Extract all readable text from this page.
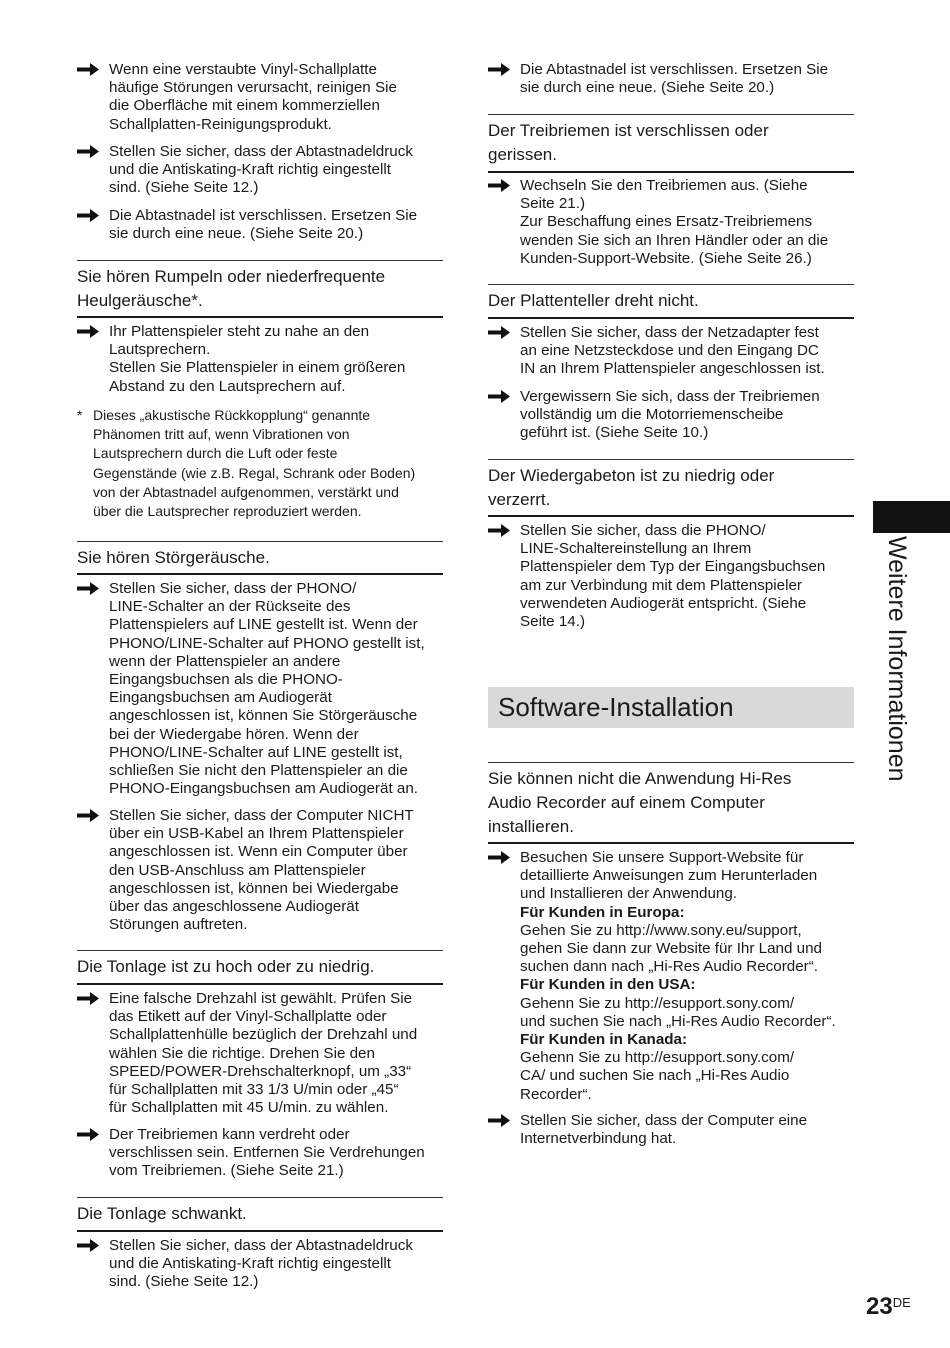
Wenn eine verstaubte Vinyl-Schallplatte
häufige Störungen verursacht, reinigen Sie
die Oberfläche mit einem kommerziellen
Schallplatten-Reinigungsprodukt.
Stellen Sie sicher, dass der Abtastnadeldruck
und die Antiskating-Kraft richtig eingestellt
sind. (Siehe Seite 12.)
Die Abtastnadel ist verschlissen. Ersetzen Sie
sie durch eine neue. (Siehe Seite 20.)
Sie hören Rumpeln oder niederfrequente
Heulgeräusche*.
Ihr Plattenspieler steht zu nahe an den
Lautsprechern.
Stellen Sie Plattenspieler in einem größeren
Abstand zu den Lautsprechern auf.
* Dieses „akustische Rückkopplung“ genannte
Phänomen tritt auf, wenn Vibrationen von
Lautsprechern durch die Luft oder feste
Gegenstände (wie z.B. Regal, Schrank oder Boden)
von der Abtastnadel aufgenommen, verstärkt und
über die Lautsprecher reproduziert werden.
Sie hören Störgeräusche.
Stellen Sie sicher, dass der PHONO/
LINE-Schalter an der Rückseite des
Plattenspielers auf LINE gestellt ist. Wenn der
PHONO/LINE-Schalter auf PHONO gestellt ist,
wenn der Plattenspieler an andere
Eingangsbuchsen als die PHONO-
Eingangsbuchsen am Audiogerät
angeschlossen ist, können Sie Störgeräusche
bei der Wiedergabe hören. Wenn der
PHONO/LINE-Schalter auf LINE gestellt ist,
schließen Sie nicht den Plattenspieler an die
PHONO-Eingangsbuchsen am Audiogerät an.
Stellen Sie sicher, dass der Computer NICHT
über ein USB-Kabel an Ihrem Plattenspieler
angeschlossen ist. Wenn ein Computer über
den USB-Anschluss am Plattenspieler
angeschlossen ist, können bei Wiedergabe
über das angeschlossene Audiogerät
Störungen auftreten.
Die Tonlage ist zu hoch oder zu niedrig.
Eine falsche Drehzahl ist gewählt. Prüfen Sie
das Etikett auf der Vinyl-Schallplatte oder
Schallplattenhülle bezüglich der Drehzahl und
wählen Sie die richtige. Drehen Sie den
SPEED/POWER-Drehschalterknopf, um „33“
für Schallplatten mit 33 1/3 U/min oder „45“
für Schallplatten mit 45 U/min. zu wählen.
Der Treibriemen kann verdreht oder
verschlissen sein. Entfernen Sie Verdrehungen
vom Treibriemen. (Siehe Seite 21.)
Die Tonlage schwankt.
Stellen Sie sicher, dass der Abtastnadeldruck
und die Antiskating-Kraft richtig eingestellt
sind. (Siehe Seite 12.)
Die Abtastnadel ist verschlissen. Ersetzen Sie
sie durch eine neue. (Siehe Seite 20.)
Der Treibriemen ist verschlissen oder
gerissen.
Wechseln Sie den Treibriemen aus. (Siehe
Seite 21.)
Zur Beschaffung eines Ersatz-Treibriemens
wenden Sie sich an Ihren Händler oder an die
Kunden-Support-Website. (Siehe Seite 26.)
Der Plattenteller dreht nicht.
Stellen Sie sicher, dass der Netzadapter fest
an eine Netzsteckdose und den Eingang DC
IN an Ihrem Plattenspieler angeschlossen ist.
Vergewissern Sie sich, dass der Treibriemen
vollständig um die Motorriemenscheibe
geführt ist. (Siehe Seite 10.)
Der Wiedergabeton ist zu niedrig oder
verzerrt.
Stellen Sie sicher, dass die PHONO/
LINE-Schaltereinstellung an Ihrem
Plattenspieler dem Typ der Eingangsbuchsen
am zur Verbindung mit dem Plattenspieler
verwendeten Audiogerät entspricht. (Siehe
Seite 14.)
Software-Installation
Sie können nicht die Anwendung Hi-Res
Audio Recorder auf einem Computer
installieren.
Besuchen Sie unsere Support-Website für
detaillierte Anweisungen zum Herunterladen
und Installieren der Anwendung.
Für Kunden in Europa:
Gehen Sie zu http://www.sony.eu/support,
gehen Sie dann zur Website für Ihr Land und
suchen dann nach „Hi-Res Audio Recorder“.
Für Kunden in den USA:
Gehenn Sie zu http://esupport.sony.com/
und suchen Sie nach „Hi-Res Audio Recorder“.
Für Kunden in Kanada:
Gehenn Sie zu http://esupport.sony.com/
CA/ und suchen Sie nach „Hi-Res Audio
Recorder“.
Stellen Sie sicher, dass der Computer eine
Internetverbindung hat.
Weitere Informationen
23DE
